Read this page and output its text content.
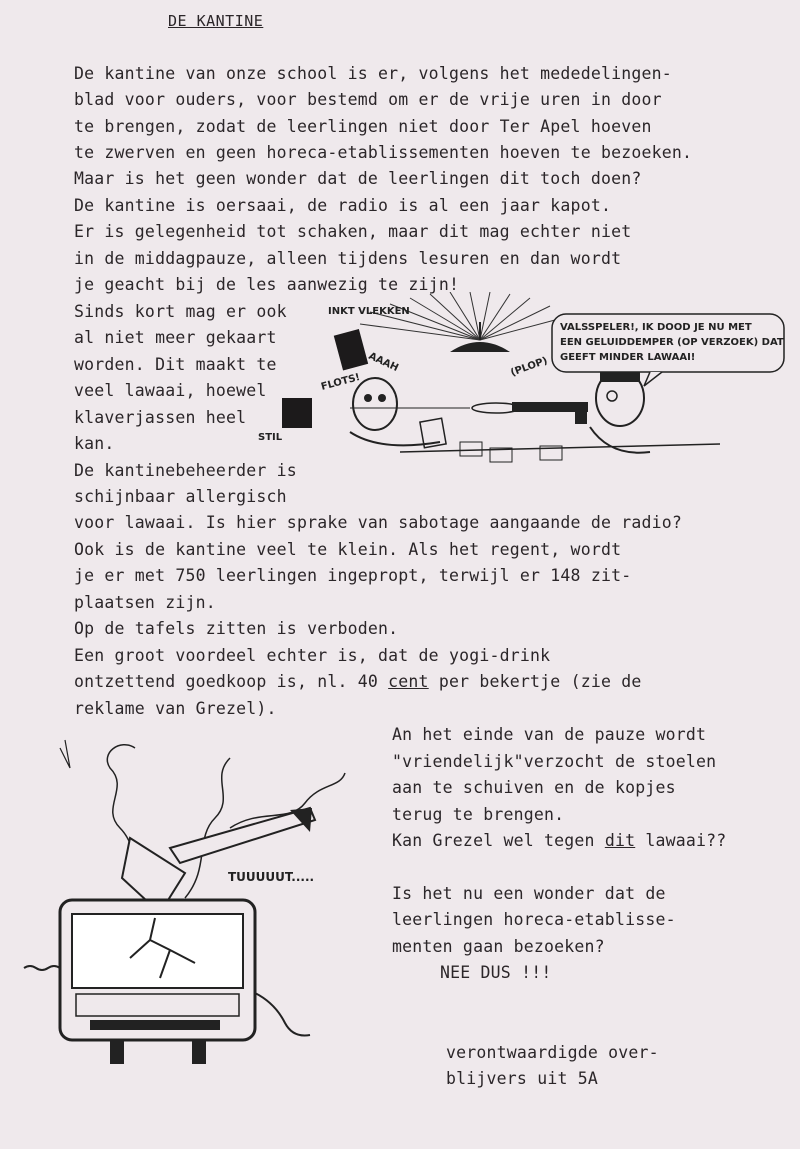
DE KANTINE
De kantine van onze school is er, volgens het mededelingen-
blad voor ouders, voor bestemd om er de vrije uren in door
te brengen, zodat de leerlingen niet door Ter Apel hoeven
te zwerven en geen horeca-etablissementen hoeven te bezoeken.
Maar is het geen wonder dat de leerlingen dit toch doen?
De kantine is oersaai, de radio is al een jaar kapot.
Er is gelegenheid tot schaken, maar dit mag echter niet
in de middagpauze, alleen tijdens lesuren en dan wordt
je geacht bij de les aanwezig te zijn!
Sinds kort mag er ook
al niet meer gekaart
worden. Dit maakt te
veel lawaai, hoewel
klaverjassen heel
kan.
De kantinebeheerder is
schijnbaar allergisch
voor lawaai. Is hier sprake van sabotage aangaande de radio?
Ook is de kantine veel te klein. Als het regent, wordt
je er met 750 leerlingen ingepropt, terwijl er 148 zit-
plaatsen zijn.
Op de tafels zitten is verboden.
Een groot voordeel echter is, dat de yogi-drink
ontzettend goedkoop is, nl. 40 cent per bekertje (zie de
reklame van Grezel).
An het einde van de pauze wordt
"vriendelijk"verzocht de stoelen
aan te schuiven en de kopjes
terug te brengen.
Kan Grezel wel tegen dit lawaai??
Is het nu een wonder dat de
leerlingen horeca-etablisse-
menten gaan bezoeken?
NEE DUS !!!
verontwaardigde over-
blijvers uit 5A
VALSSPELER!, IK DOOD JE NU MET
EEN GELUIDDEMPER (OP VERZOEK) DAT
GEEFT MINDER LAWAAI!
INKT VLEKKEN
AAAH
FLOTS!
STIL
(PLOP)
TUUUUUT.....
